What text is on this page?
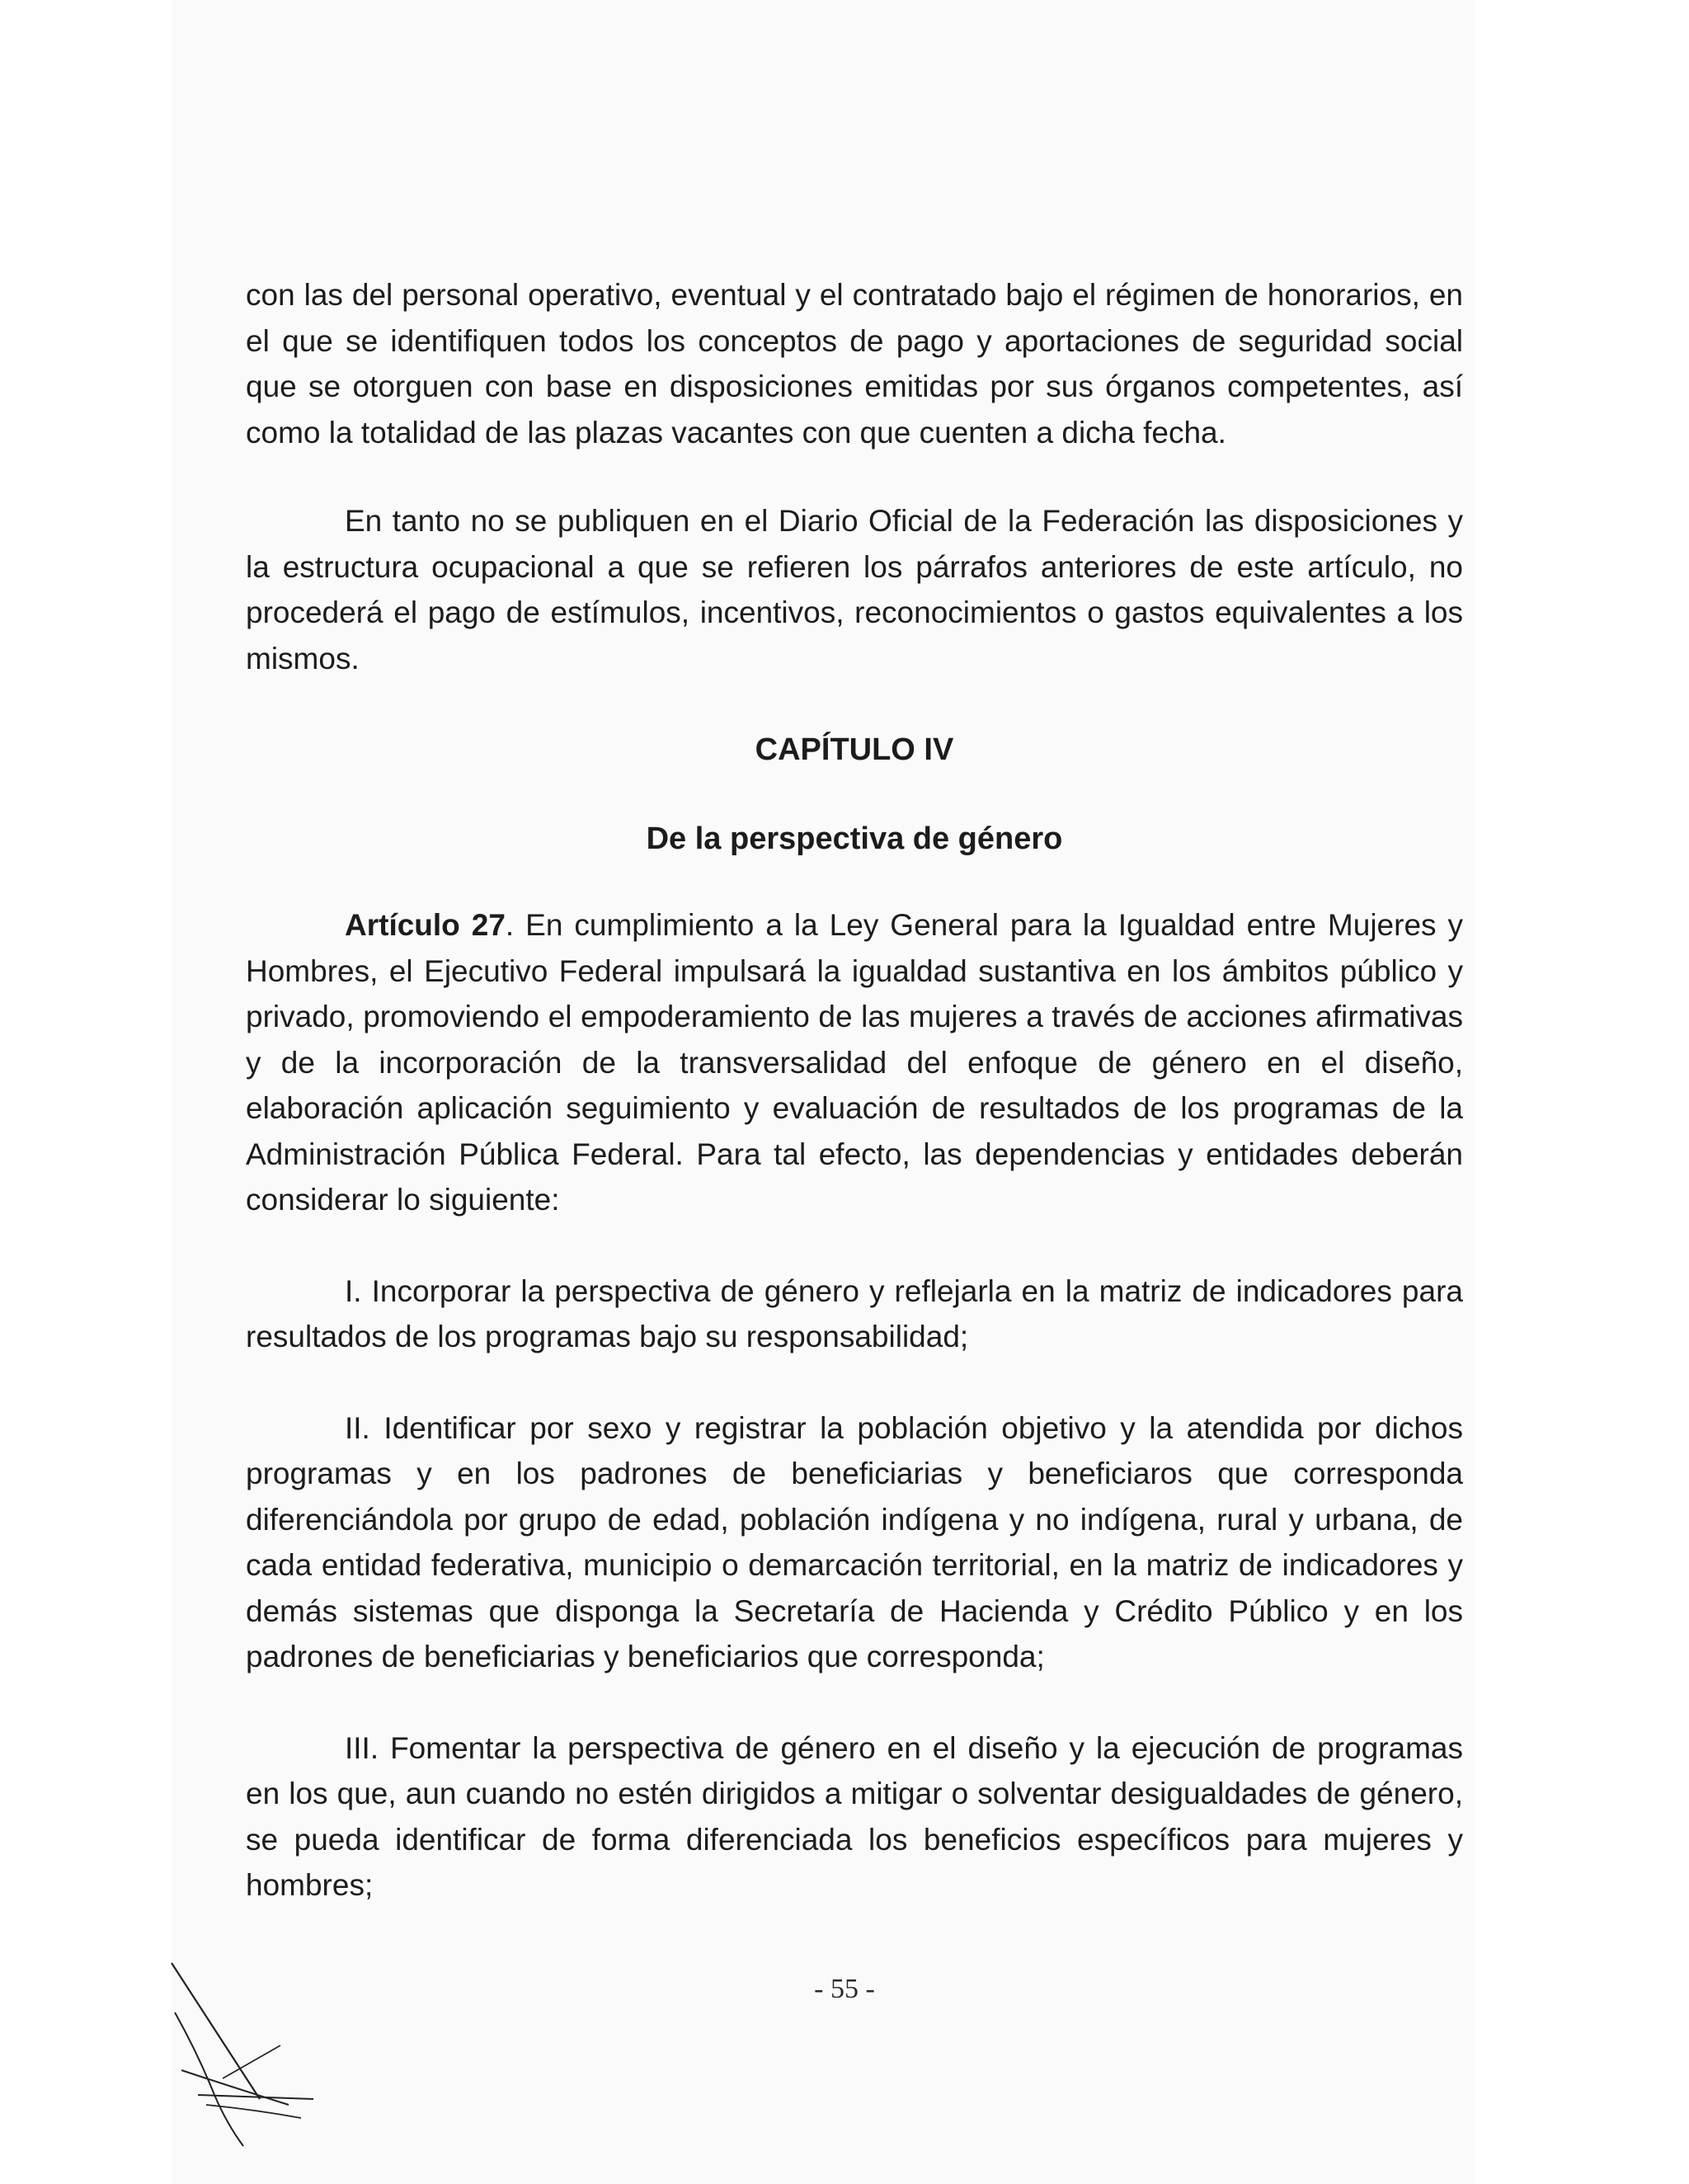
con las del personal operativo, eventual y el contratado bajo el régimen de honorarios, en el que se identifiquen todos los conceptos de pago y aportaciones de seguridad social que se otorguen con base en disposiciones emitidas por sus órganos competentes, así como la totalidad de las plazas vacantes con que cuenten a dicha fecha.

En tanto no se publiquen en el Diario Oficial de la Federación las disposiciones y la estructura ocupacional a que se refieren los párrafos anteriores de este artículo, no procederá el pago de estímulos, incentivos, reconocimientos o gastos equivalentes a los mismos.

CAPÍTULO IV
De la perspectiva de género

Artículo 27. En cumplimiento a la Ley General para la Igualdad entre Mujeres y Hombres, el Ejecutivo Federal impulsará la igualdad sustantiva en los ámbitos público y privado, promoviendo el empoderamiento de las mujeres a través de acciones afirmativas y de la incorporación de la transversalidad del enfoque de género en el diseño, elaboración aplicación seguimiento y evaluación de resultados de los programas de la Administración Pública Federal. Para tal efecto, las dependencias y entidades deberán considerar lo siguiente:

I. Incorporar la perspectiva de género y reflejarla en la matriz de indicadores para resultados de los programas bajo su responsabilidad;

II. Identificar por sexo y registrar la población objetivo y la atendida por dichos programas y en los padrones de beneficiarias y beneficiaros que corresponda diferenciándola por grupo de edad, población indígena y no indígena, rural y urbana, de cada entidad federativa, municipio o demarcación territorial, en la matriz de indicadores y demás sistemas que disponga la Secretaría de Hacienda y Crédito Público y en los padrones de beneficiarias y beneficiarios que corresponda;

III. Fomentar la perspectiva de género en el diseño y la ejecución de programas en los que, aun cuando no estén dirigidos a mitigar o solventar desigualdades de género, se pueda identificar de forma diferenciada los beneficios específicos para mujeres y hombres;

- 55 -
